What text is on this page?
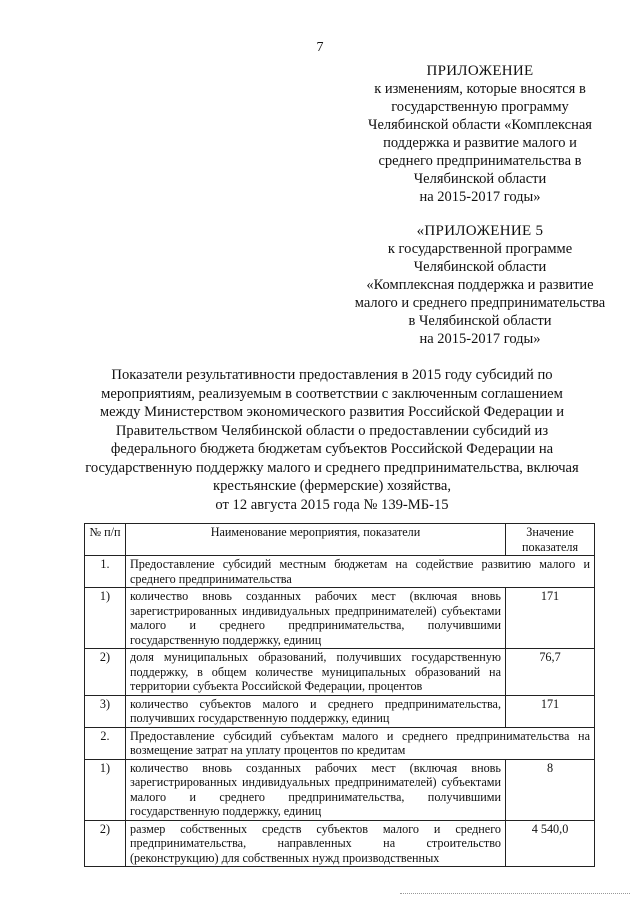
7
ПРИЛОЖЕНИЕ
к изменениям, которые вносятся в
государственную программу
Челябинской области «Комплексная
поддержка и развитие малого и
среднего предпринимательства в
Челябинской области
на 2015-2017 годы»
«ПРИЛОЖЕНИЕ 5
к государственной программе
Челябинской области
«Комплексная поддержка и развитие
малого и среднего предпринимательства
в Челябинской области
на 2015-2017 годы»
Показатели результативности предоставления в 2015 году субсидий по
мероприятиям, реализуемым в соответствии с заключенным соглашением
между Министерством экономического развития Российской Федерации и
Правительством Челябинской области о предоставлении субсидий из
федерального бюджета бюджетам субъектов Российской Федерации на
государственную поддержку малого и среднего предпринимательства, включая
крестьянские (фермерские) хозяйства,
от 12 августа 2015 года № 139-МБ-15
№ п/п	Наименование мероприятия, показатели	Значение показателя
1.	Предоставление субсидий местным бюджетам на содействие развитию малого и среднего предпринимательства	
1)	количество вновь созданных рабочих мест (включая вновь зарегистрированных индивидуальных предпринимателей) субъектами малого и среднего предпринимательства, получившими государственную поддержку, единиц	171
2)	доля муниципальных образований, получивших государственную поддержку, в общем количестве муниципальных образований на территории субъекта Российской Федерации, процентов	76,7
3)	количество субъектов малого и среднего предпринимательства, получивших государственную поддержку, единиц	171
2.	Предоставление субсидий субъектам малого и среднего предпринимательства на возмещение затрат на уплату процентов по кредитам	
1)	количество вновь созданных рабочих мест (включая вновь зарегистрированных индивидуальных предпринимателей) субъектами малого и среднего предпринимательства, получившими государственную поддержку, единиц	8
2)	размер собственных средств субъектов малого и среднего предпринимательства, направленных на строительство (реконструкцию) для собственных нужд производственных	4 540,0
